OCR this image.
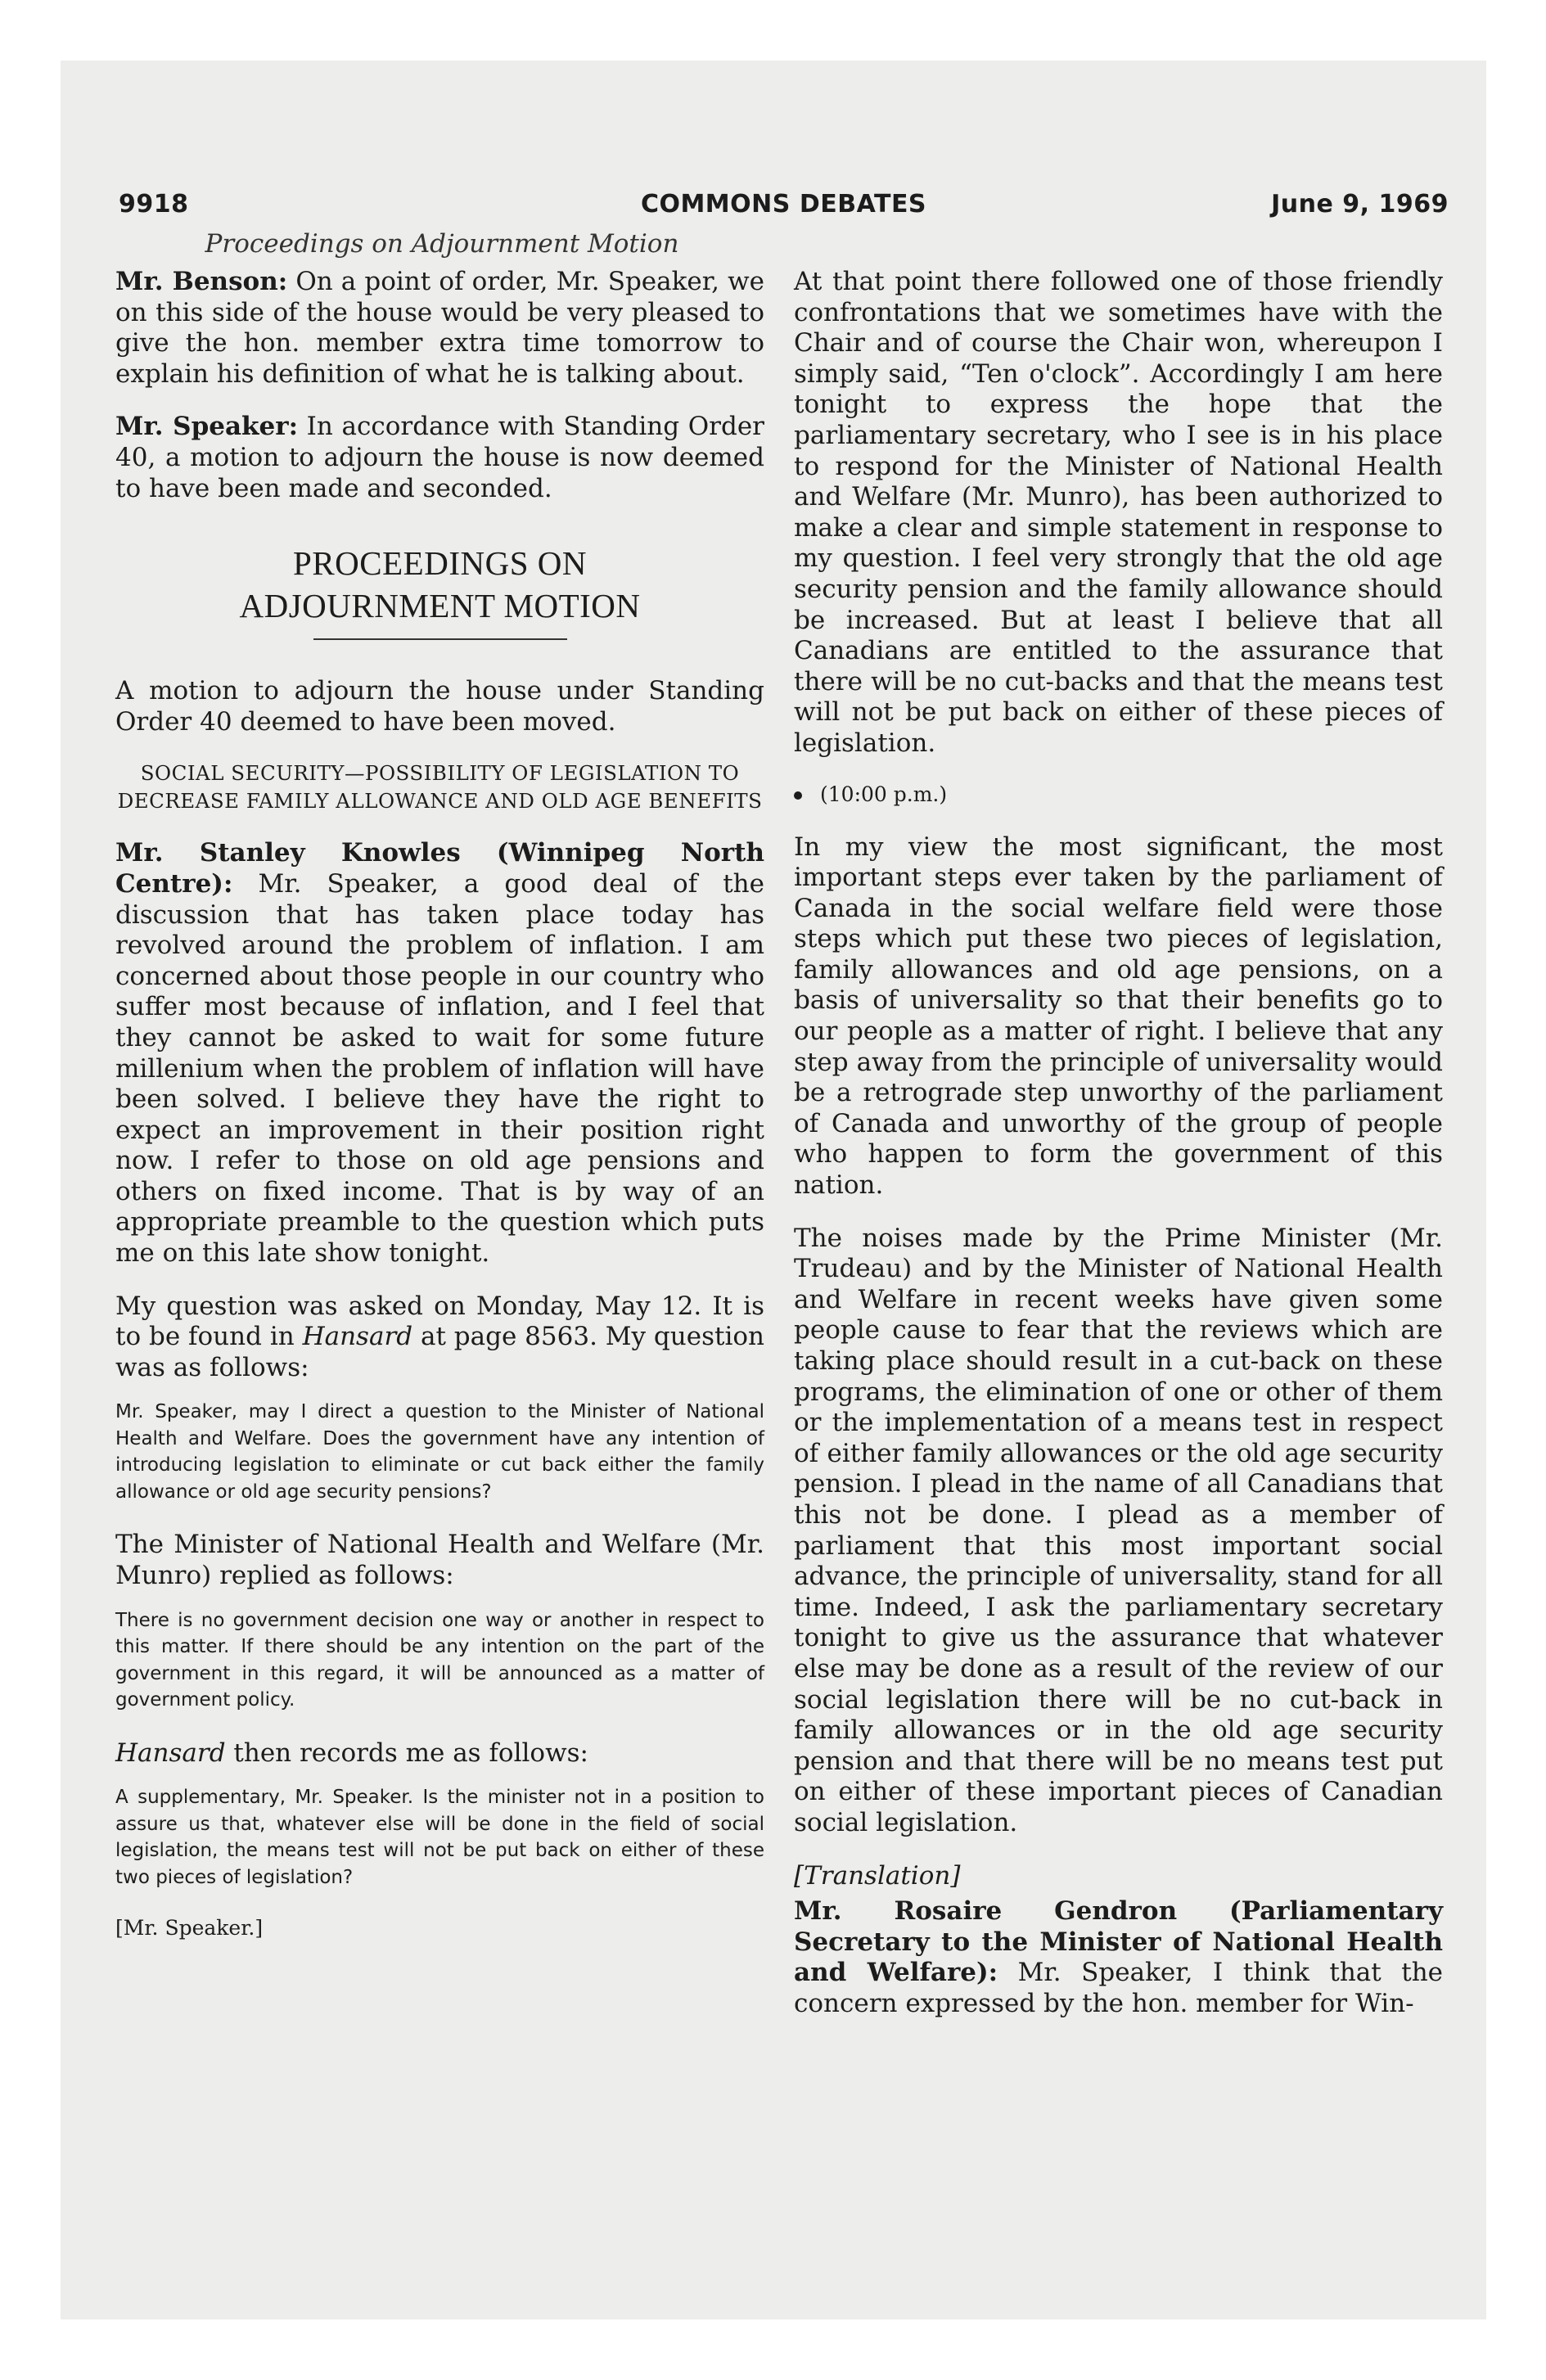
9918	COMMONS DEBATES	June 9, 1969
Proceedings on Adjournment Motion

Mr. Benson: On a point of order, Mr. Speaker, we on this side of the house would be very pleased to give the hon. member extra time tomorrow to explain his definition of what he is talking about.

Mr. Speaker: In accordance with Standing Order 40, a motion to adjourn the house is now deemed to have been made and seconded.

PROCEEDINGS ON
ADJOURNMENT MOTION

A motion to adjourn the house under Standing Order 40 deemed to have been moved.

SOCIAL SECURITY—POSSIBILITY OF LEGISLATION TO DECREASE FAMILY ALLOWANCE AND OLD AGE BENEFITS

Mr. Stanley Knowles (Winnipeg North Centre): Mr. Speaker, a good deal of the discussion that has taken place today has revolved around the problem of inflation. I am concerned about those people in our country who suffer most because of inflation, and I feel that they cannot be asked to wait for some future millenium when the problem of inflation will have been solved. I believe they have the right to expect an improvement in their position right now. I refer to those on old age pensions and others on fixed income. That is by way of an appropriate preamble to the question which puts me on this late show tonight.

My question was asked on Monday, May 12. It is to be found in Hansard at page 8563. My question was as follows:

Mr. Speaker, may I direct a question to the Minister of National Health and Welfare. Does the government have any intention of introducing legislation to eliminate or cut back either the family allowance or old age security pensions?

The Minister of National Health and Welfare (Mr. Munro) replied as follows:

There is no government decision one way or another in respect to this matter. If there should be any intention on the part of the government in this regard, it will be announced as a matter of government policy.

Hansard then records me as follows:

A supplementary, Mr. Speaker. Is the minister not in a position to assure us that, whatever else will be done in the field of social legislation, the means test will not be put back on either of these two pieces of legislation?

[Mr. Speaker.]

At that point there followed one of those friendly confrontations that we sometimes have with the Chair and of course the Chair won, whereupon I simply said, “Ten o'clock”. Accordingly I am here tonight to express the hope that the parliamentary secretary, who I see is in his place to respond for the Minister of National Health and Welfare (Mr. Munro), has been authorized to make a clear and simple statement in response to my question. I feel very strongly that the old age security pension and the family allowance should be increased. But at least I believe that all Canadians are entitled to the assurance that there will be no cut-backs and that the means test will not be put back on either of these pieces of legislation.

(10:00 p.m.)

In my view the most significant, the most important steps ever taken by the parliament of Canada in the social welfare field were those steps which put these two pieces of legislation, family allowances and old age pensions, on a basis of universality so that their benefits go to our people as a matter of right. I believe that any step away from the principle of universality would be a retrograde step unworthy of the parliament of Canada and unworthy of the group of people who happen to form the government of this nation.

The noises made by the Prime Minister (Mr. Trudeau) and by the Minister of National Health and Welfare in recent weeks have given some people cause to fear that the reviews which are taking place should result in a cut-back on these programs, the elimination of one or other of them or the implementation of a means test in respect of either family allowances or the old age security pension. I plead in the name of all Canadians that this not be done. I plead as a member of parliament that this most important social advance, the principle of universality, stand for all time. Indeed, I ask the parliamentary secretary tonight to give us the assurance that whatever else may be done as a result of the review of our social legislation there will be no cut-back in family allowances or in the old age security pension and that there will be no means test put on either of these important pieces of Canadian social legislation.

[Translation]

Mr. Rosaire Gendron (Parliamentary Secretary to the Minister of National Health and Welfare): Mr. Speaker, I think that the concern expressed by the hon. member for Win-
